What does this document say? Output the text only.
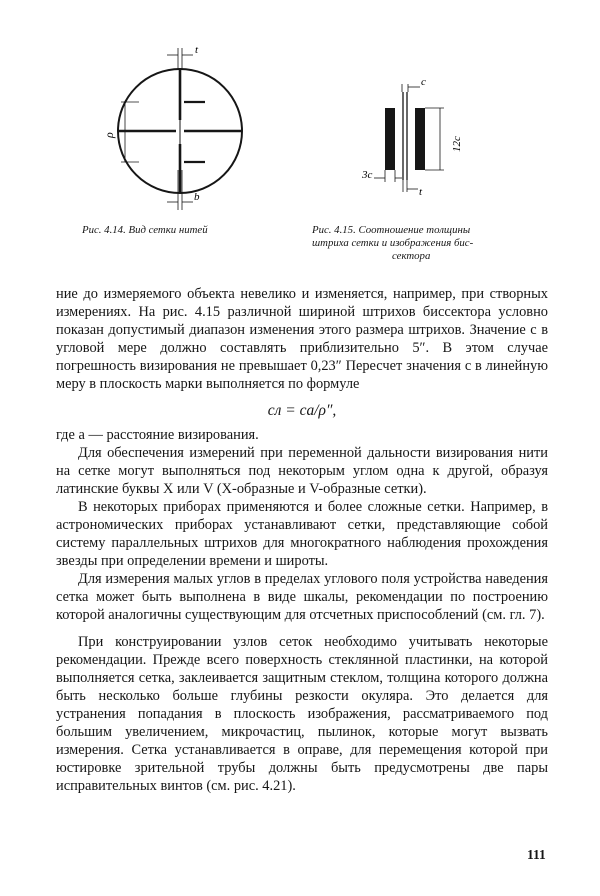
t
ρ
b
c
12c
3c
t
Рис. 4.14. Вид сетки нитей	Рис. 4.15. Соотношение толщины
штриха сетки и изображения бис-
сектора

ние до измеряемого объекта невелико и изменяется, например, при створных измерениях. На рис. 4.15 различной шириной штрихов биссектора условно показан допустимый диапазон изменения этого размера штрихов. Значение c в угловой мере должно составлять приблизительно 5″. В этом случае погрешность визирования не превышает 0,23″ Пересчет значения c в линейную меру в плоскость марки выполняется по формуле

cл = ca/ρ″,

где a — расстояние визирования.

Для обеспечения измерений при переменной дальности визирования нити на сетке могут выполняться под некоторым углом одна к другой, образуя латинские буквы X или V (X-образные и V-образные сетки).

В некоторых приборах применяются и более сложные сетки. Например, в астрономических приборах устанавливают сетки, представляющие собой систему параллельных штрихов для многократного наблюдения прохождения звезды при определении времени и широты.

Для измерения малых углов в пределах углового поля устройства наведения сетка может быть выполнена в виде шкалы, рекомендации по построению которой аналогичны существующим для отсчетных приспособлений (см. гл. 7).

При конструировании узлов сеток необходимо учитывать некоторые рекомендации. Прежде всего поверхность стеклянной пластинки, на которой выполняется сетка, заклеивается защитным стеклом, толщина которого должна быть несколько больше глубины резкости окуляра. Это делается для устранения попадания в плоскость изображения, рассматриваемого под большим увеличением, микрочастиц, пылинок, которые могут вызвать измерения. Сетка устанавливается в оправе, для перемещения которой при юстировке зрительной трубы должны быть предусмотрены две пары исправительных винтов (см. рис. 4.21).

111
